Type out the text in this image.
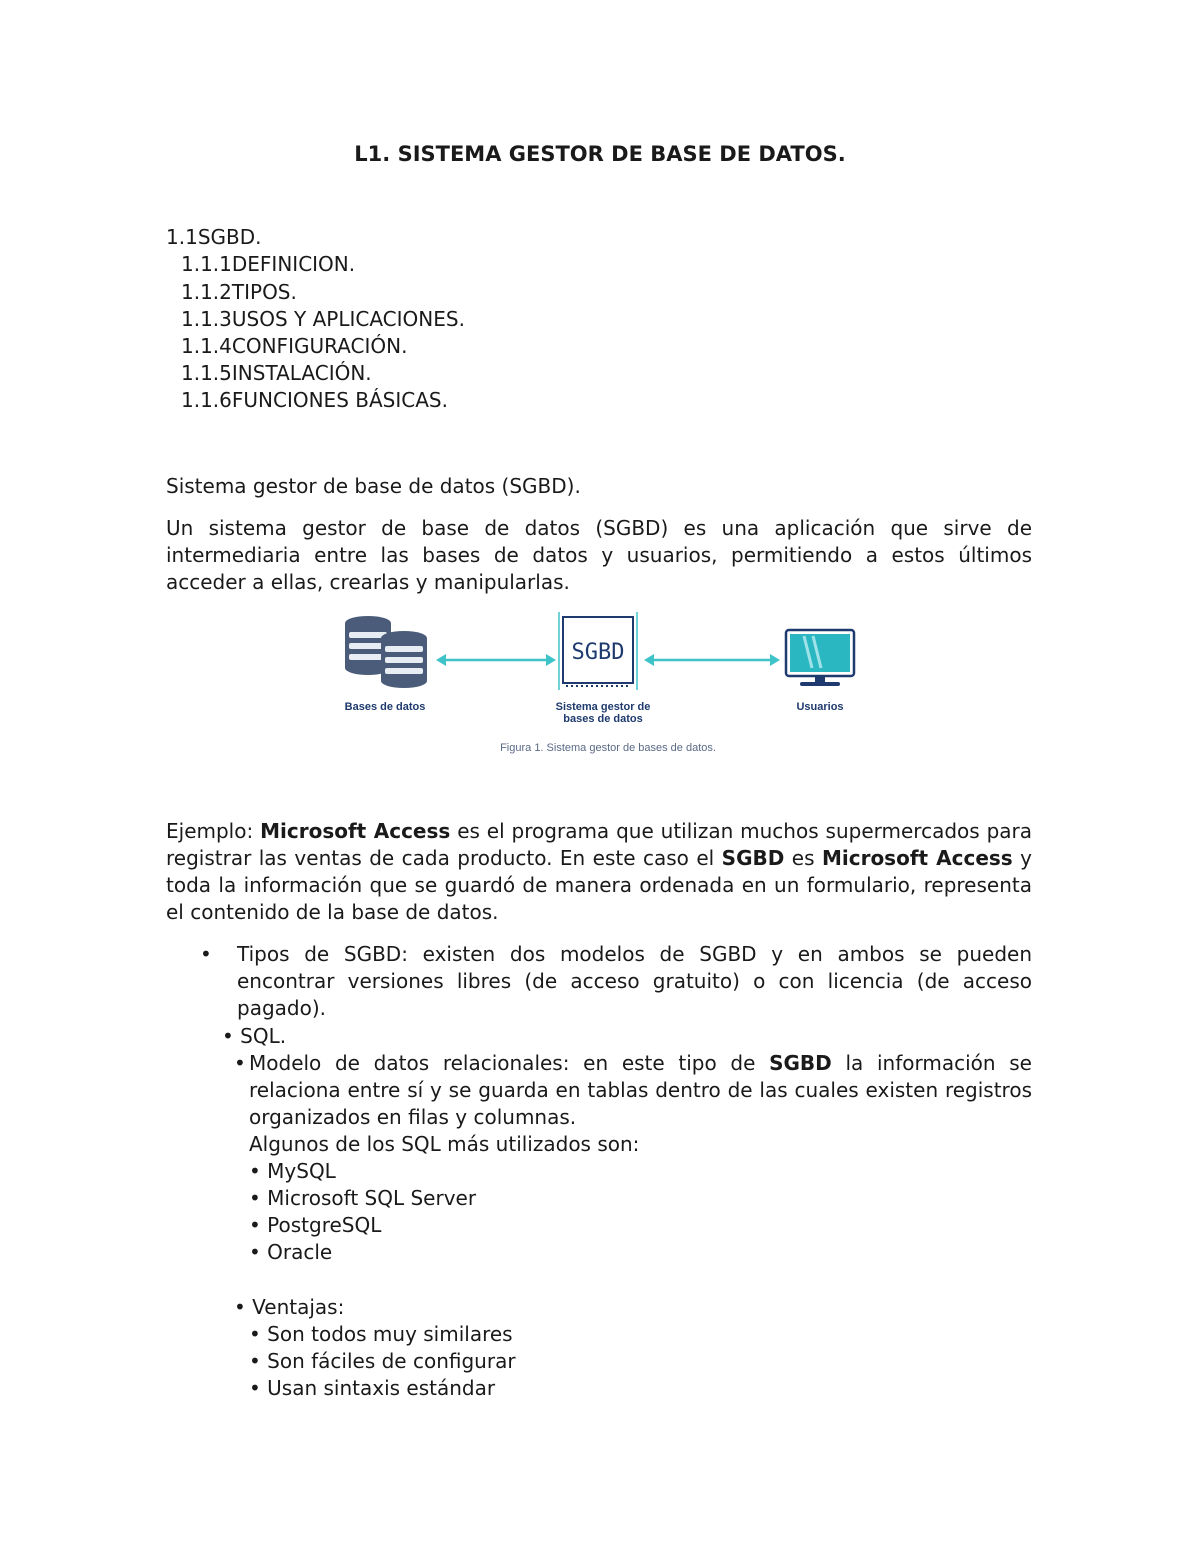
L1. SISTEMA GESTOR DE BASE DE DATOS.

1.1SGBD.

1.1.1DEFINICION.

1.1.2TIPOS.

1.1.3USOS Y APLICACIONES.

1.1.4CONFIGURACIÓN.

1.1.5INSTALACIÓN.

1.1.6FUNCIONES BÁSICAS.

Sistema gestor de base de datos (SGBD).

Un sistema gestor de base de datos (SGBD) es una aplicación que sirve de intermediaria entre las bases de datos y usuarios, permitiendo a estos últimos acceder a ellas, crearlas y manipularlas.

SGBD
Bases de datos	Sistema gestor de
bases de datos
Usuarios
Figura 1. Sistema gestor de bases de datos.

Ejemplo: Microsoft Access es el programa que utilizan muchos supermercados para registrar las ventas de cada producto. En este caso el SGBD es Microsoft Access y toda la información que se guardó de manera ordenada en un formulario, representa el contenido de la base de datos.

• Tipos de SGBD: existen dos modelos de SGBD y en ambos se pueden encontrar versiones libres (de acceso gratuito) o con licencia (de acceso pagado).

• SQL.

• Modelo de datos relacionales: en este tipo de SGBD la información se relaciona entre sí y se guarda en tablas dentro de las cuales existen registros organizados en filas y columnas.

Algunos de los SQL más utilizados son:

• MySQL

• Microsoft SQL Server

• PostgreSQL

• Oracle

• Ventajas:

• Son todos muy similares

• Son fáciles de configurar

• Usan sintaxis estándar
